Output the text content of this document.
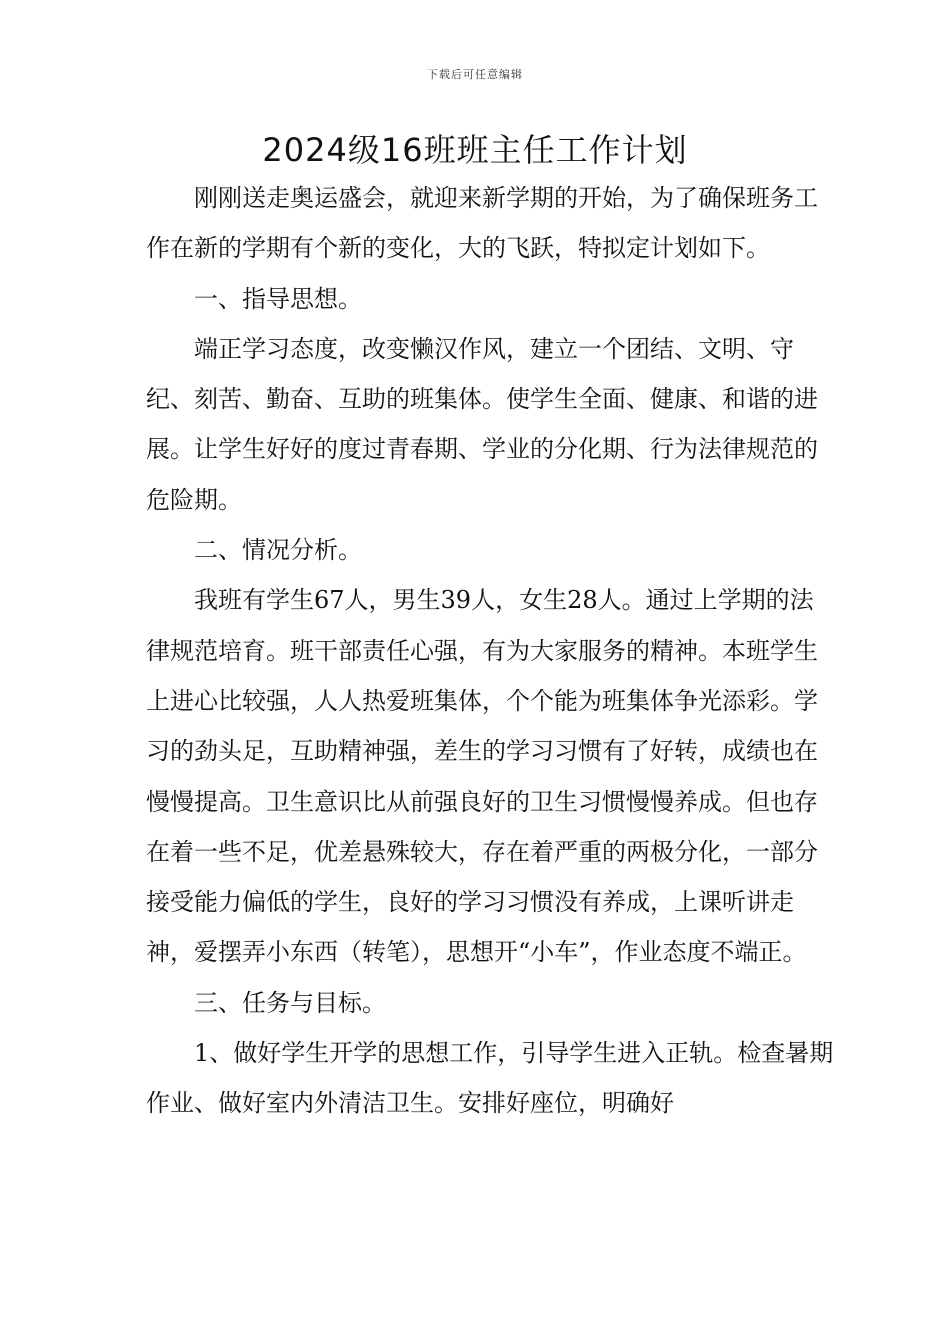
下载后可任意编辑
2024级16班班主任工作计划

刚刚送走奥运盛会，就迎来新学期的开始，为了确保班务工作在新的学期有个新的变化，大的飞跃，特拟定计划如下。

一、指导思想。

端正学习态度，改变懒汉作风，建立一个团结、文明、守纪、刻苦、勤奋、互助的班集体。使学生全面、健康、和谐的进展。让学生好好的度过青春期、学业的分化期、行为法律规范的危险期。

二、情况分析。

我班有学生67人，男生39人，女生28人。通过上学期的法律规范培育。班干部责任心强，有为大家服务的精神。本班学生上进心比较强，人人热爱班集体，个个能为班集体争光添彩。学习的劲头足，互助精神强，差生的学习习惯有了好转，成绩也在慢慢提高。卫生意识比从前强良好的卫生习惯慢慢养成。但也存在着一些不足，优差悬殊较大，存在着严重的两极分化，一部分接受能力偏低的学生，良好的学习习惯没有养成，上课听讲走神，爱摆弄小东西（转笔），思想开“小车”，作业态度不端正。

三、任务与目标。

1、做好学生开学的思想工作，引导学生进入正轨。检查暑期作业、做好室内外清洁卫生。安排好座位，明确好
